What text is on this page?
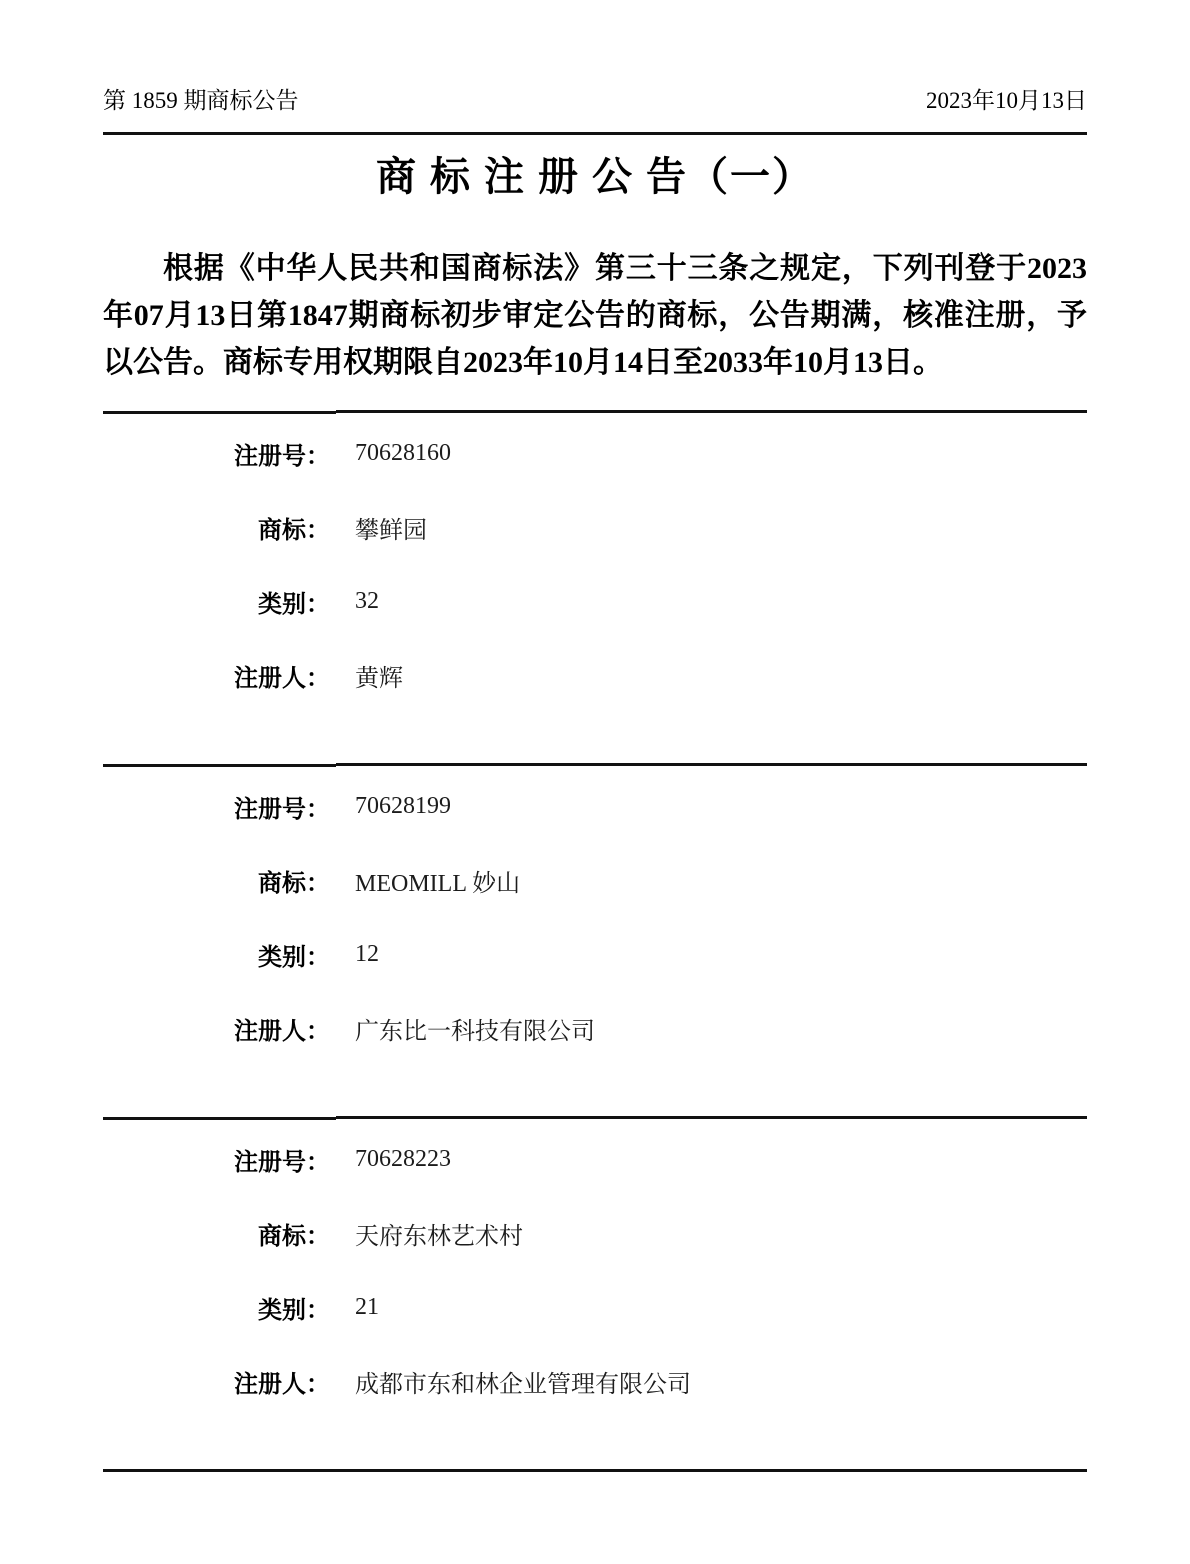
第 1859 期商标公告	2023年10月13日
商 标 注 册 公 告（一）

根据《中华人民共和国商标法》第三十三条之规定，下列刊登于2023年07月13日第1847期商标初步审定公告的商标，公告期满，核准注册，予以公告。商标专用权期限自2023年10月14日至2033年10月13日。

注册号： 70628160
商标： 攀鲜园
类别： 32
注册人： 黄辉
注册号： 70628199
商标： MEOMILL 妙山
类别： 12
注册人： 广东比一科技有限公司
注册号： 70628223
商标： 天府东林艺术村
类别： 21
注册人： 成都市东和林企业管理有限公司
